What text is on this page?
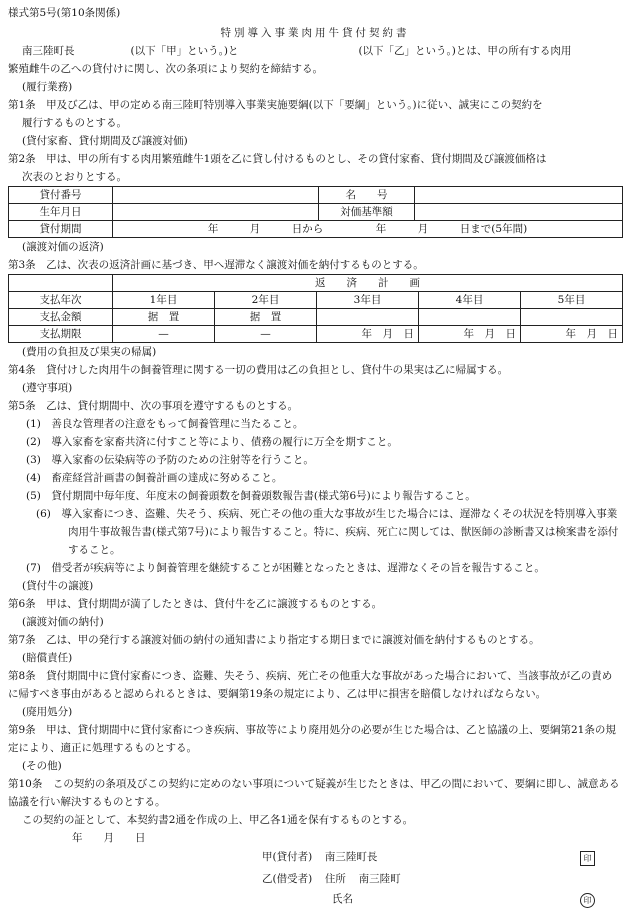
様式第5号(第10条関係)
特別導入事業肉用牛貸付契約書
南三陸町長	(以下「甲」という。)と	(以下「乙」という。)とは、甲の所有する肉用
繁殖雌牛の乙への貸付けに関し、次の条項により契約を締結する。
(履行業務)
第1条　甲及び乙は、甲の定める南三陸町特別導入事業実施要綱(以下「要綱」という。)に従い、誠実にこの契約を
履行するものとする。
(貸付家畜、貸付期間及び譲渡対価)
第2条　甲は、甲の所有する肉用繁殖雌牛1頭を乙に貸し付けるものとし、その貸付家畜、貸付期間及び譲渡価格は
次表のとおりとする。
貸付番号		名　　号	
生年月日		対価基準額	
貸付期間	年　　　月　　　日から　　　　　年　　　月　　　日まで(5年間)		
(譲渡対価の返済)
第3条　乙は、次表の返済計画に基づき、甲へ遅滞なく譲渡対価を納付するものとする。
	返　　済　　計　　画				
支払年次	1年目	2年目	3年目	4年目	5年目
支払金額	据　置	据　置			
支払期限	—	—	年　月　日	年　月　日	年　月　日
(費用の負担及び果実の帰属)
第4条　貸付けした肉用牛の飼養管理に関する一切の費用は乙の負担とし、貸付牛の果実は乙に帰属する。
(遵守事項)
第5条　乙は、貸付期間中、次の事項を遵守するものとする。
(1)　善良な管理者の注意をもって飼養管理に当たること。
(2)　導入家畜を家畜共済に付すこと等により、債務の履行に万全を期すこと。
(3)　導入家畜の伝染病等の予防のための注射等を行うこと。
(4)　畜産経営計画書の飼養計画の達成に努めること。
(5)　貸付期間中毎年度、年度末の飼養頭数を飼養頭数報告書(様式第6号)により報告すること。
(6)　導入家畜につき、盗難、失そう、疾病、死亡その他の重大な事故が生じた場合には、遅滞なくその状況を特別導入事業肉用牛事故報告書(様式第7号)により報告すること。特に、疾病、死亡に関しては、獣医師の診断書又は検案書を添付すること。
(7)　借受者が疾病等により飼養管理を継続することが困難となったときは、遅滞なくその旨を報告すること。
(貸付牛の譲渡)
第6条　甲は、貸付期間が満了したときは、貸付牛を乙に譲渡するものとする。
(譲渡対価の納付)
第7条　乙は、甲の発行する譲渡対価の納付の通知書により指定する期日までに譲渡対価を納付するものとする。
(賠償責任)
第8条　貸付期間中に貸付家畜につき、盗難、失そう、疾病、死亡その他重大な事故があった場合において、当該事故が乙の責めに帰すべき事由があると認められるときは、要綱第19条の規定により、乙は甲に損害を賠償しなければならない。
(廃用処分)
第9条　甲は、貸付期間中に貸付家畜につき疾病、事故等により廃用処分の必要が生じた場合は、乙と協議の上、要綱第21条の規定により、適正に処理するものとする。
(その他)
第10条　この契約の条項及びこの契約に定めのない事項について疑義が生じたときは、甲乙の間において、要綱に即し、誠意ある協議を行い解決するものとする。
この契約の証として、本契約書2通を作成の上、甲乙各1通を保有するものとする。
年　　月　　日
甲(貸付者) 南三陸町長	印
乙(借受者) 住所 南三陸町
氏名	印
